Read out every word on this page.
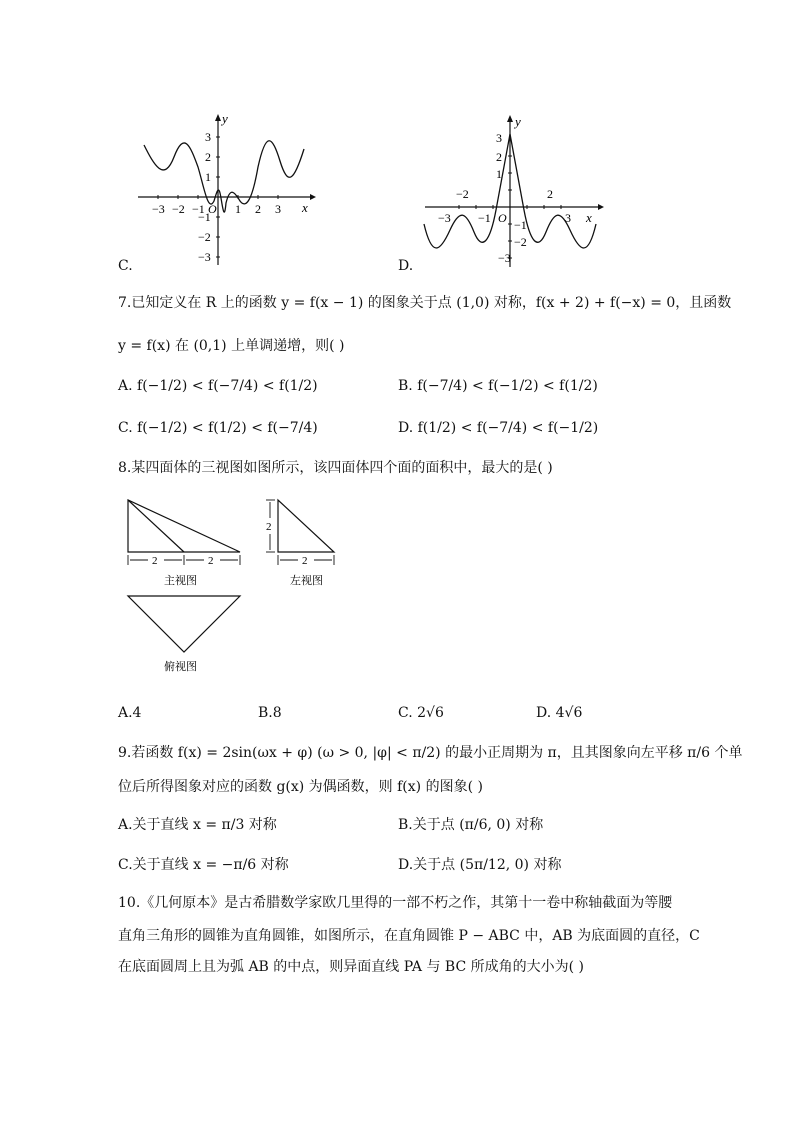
y
x
−3 −2 −1 O 1 2 3
3
2
1
−1
−2
−3
C.
y
x
−3 −1 O	3
−2	2
3
2
1
−1
−2
−3
D.
7.已知定义在 R 上的函数 y = f(x − 1) 的图象关于点 (1,0) 对称，f(x + 2) + f(−x) = 0，且函数
y = f(x) 在 (0,1) 上单调递增，则( )
A. f(−1/2) < f(−7/4) < f(1/2)	B. f(−7/4) < f(−1/2) < f(1/2)
C. f(−1/2) < f(1/2) < f(−7/4)	D. f(1/2) < f(−7/4) < f(−1/2)
8.某四面体的三视图如图所示，该四面体四个面的面积中，最大的是( )
2	2
主视图
2
2
左视图
俯视图
A.4	B.8	C. 2√6	D. 4√6
9.若函数 f(x) = 2sin(ωx + φ) (ω > 0, |φ| < π/2) 的最小正周期为 π，且其图象向左平移 π/6 个单
位后所得图象对应的函数 g(x) 为偶函数，则 f(x) 的图象( )
A.关于直线 x = π/3 对称	B.关于点 (π/6, 0) 对称
C.关于直线 x = −π/6 对称	D.关于点 (5π/12, 0) 对称
10.《几何原本》是古希腊数学家欧几里得的一部不朽之作，其第十一卷中称轴截面为等腰
直角三角形的圆锥为直角圆锥，如图所示，在直角圆锥 P − ABC 中，AB 为底面圆的直径，C
在底面圆周上且为弧 AB 的中点，则异面直线 PA 与 BC 所成角的大小为( )
